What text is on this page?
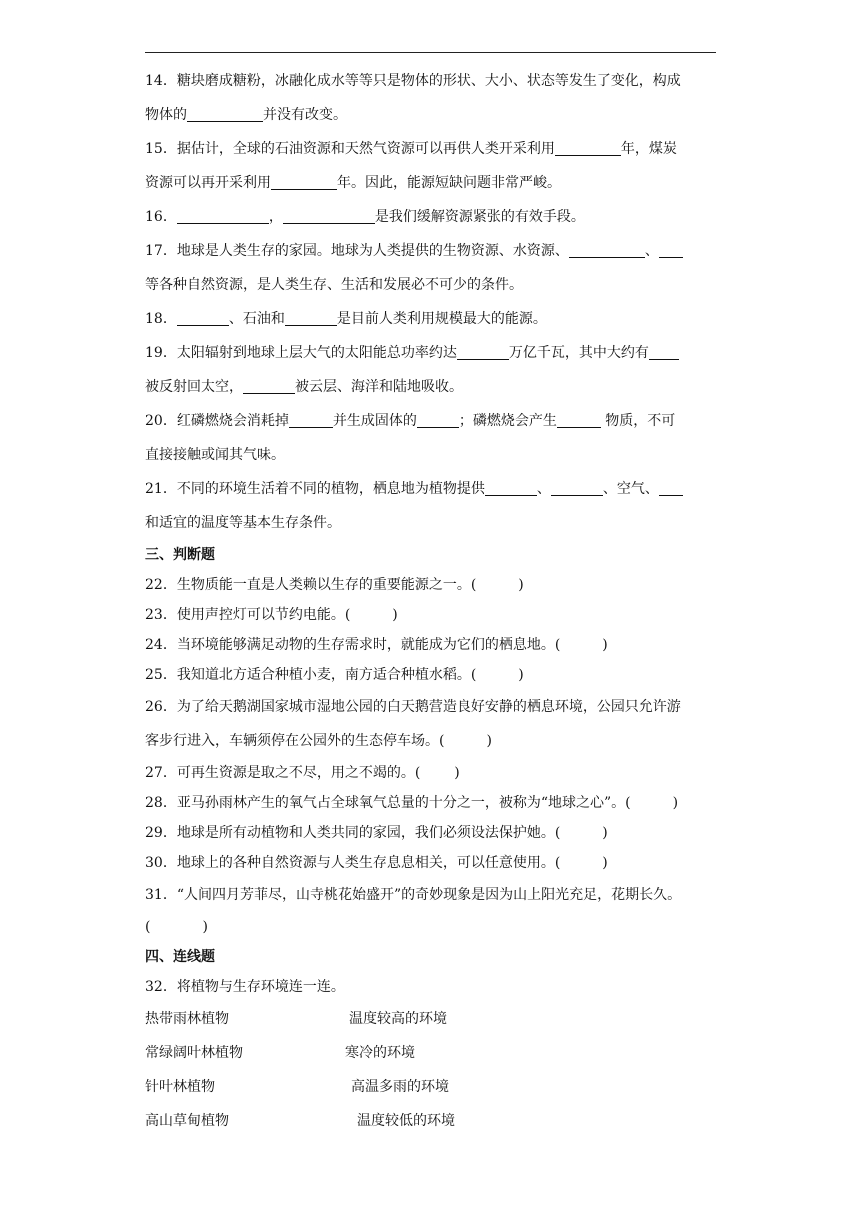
14．糖块磨成糖粉，冰融化成水等等只是物体的形状、大小、状态等发生了变化，构成
物体的	并没有改变。
15．据估计，全球的石油资源和天然气资源可以再供人类开采利用	年，煤炭
资源可以再开采利用	年。因此，能源短缺问题非常严峻。
16．	，	是我们缓解资源紧张的有效手段。
17．地球是人类生存的家园。地球为人类提供的生物资源、水资源、	、
等各种自然资源，是人类生存、生活和发展必不可少的条件。
18．	、石油和	是目前人类利用规模最大的能源。
19．太阳辐射到地球上层大气的太阳能总功率约达	万亿千瓦，其中大约有
被反射回太空，	被云层、海洋和陆地吸收。
20．红磷燃烧会消耗掉	并生成固体的	；磷燃烧会产生	物质，不可
直接接触或闻其气味。
21．不同的环境生活着不同的植物，栖息地为植物提供	、	、空气、
和适宜的温度等基本生存条件。
三、判断题
22．生物质能一直是人类赖以生存的重要能源之一。(	)
23．使用声控灯可以节约电能。(	)
24．当环境能够满足动物的生存需求时，就能成为它们的栖息地。(	)
25．我知道北方适合种植小麦，南方适合种植水稻。(	)
26．为了给天鹅湖国家城市湿地公园的白天鹅营造良好安静的栖息环境，公园只允许游
客步行进入，车辆须停在公园外的生态停车场。(	)
27．可再生资源是取之不尽，用之不竭的。( )
28．亚马孙雨林产生的氧气占全球氧气总量的十分之一，被称为“地球之心”。(	)
29．地球是所有动植物和人类共同的家园，我们必须设法保护她。(	)
30．地球上的各种自然资源与人类生存息息相关，可以任意使用。(	)
31．“人间四月芳菲尽，山寺桃花始盛开”的奇妙现象是因为山上阳光充足，花期长久。
(	)
四、连线题
32．将植物与生存环境连一连。
热带雨林植物	温度较高的环境
常绿阔叶林植物	寒冷的环境
针叶林植物	高温多雨的环境
高山草甸植物	温度较低的环境
